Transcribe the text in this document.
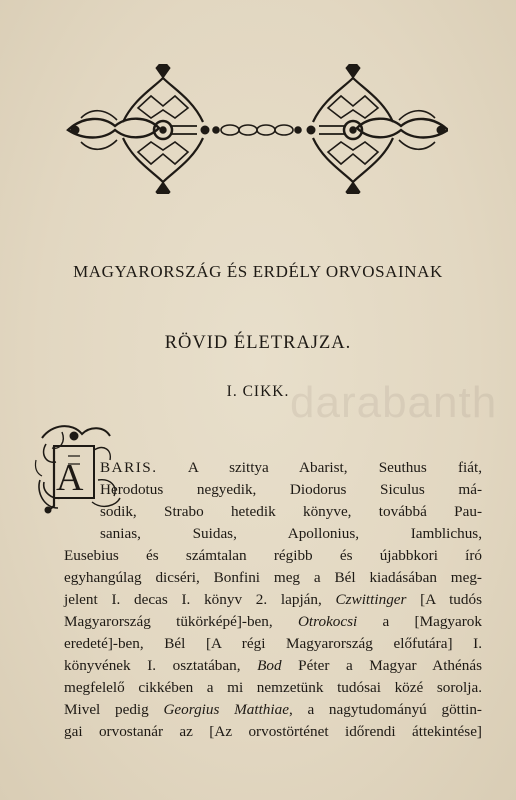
MAGYARORSZÁG ÉS ERDÉLY ORVOSAINAK
RÖVID ÉLETRAJZA.
I. CIKK. darabanth
A BARIS. A szittya Abarist, Seuthus fiát,
Herodotus negyedik, Diodorus Siculus má-
sodik, Strabo hetedik könyve, továbbá Pau-
sanias, Suidas, Apollonius, Iamblichus,
Eusebius és számtalan régibb és újabbkori író
egyhangúlag dicséri, Bonfini meg a Bél kiadásában meg-
jelent I. decas I. könyv 2. lapján, Czwittinger [A tudós
Magyarország tükörképé]-ben, Otrokocsi a [Magyarok
eredeté]-ben, Bél [A régi Magyarország előfutára] I.
könyvének I. osztatában, Bod Péter a Magyar Athénás
megfelelő cikkében a mi nemzetünk tudósai közé sorolja.
Mivel pedig Georgius Matthiae, a nagytudományú göttin-
gai orvostanár az [Az orvostörténet időrendi áttekintése]
